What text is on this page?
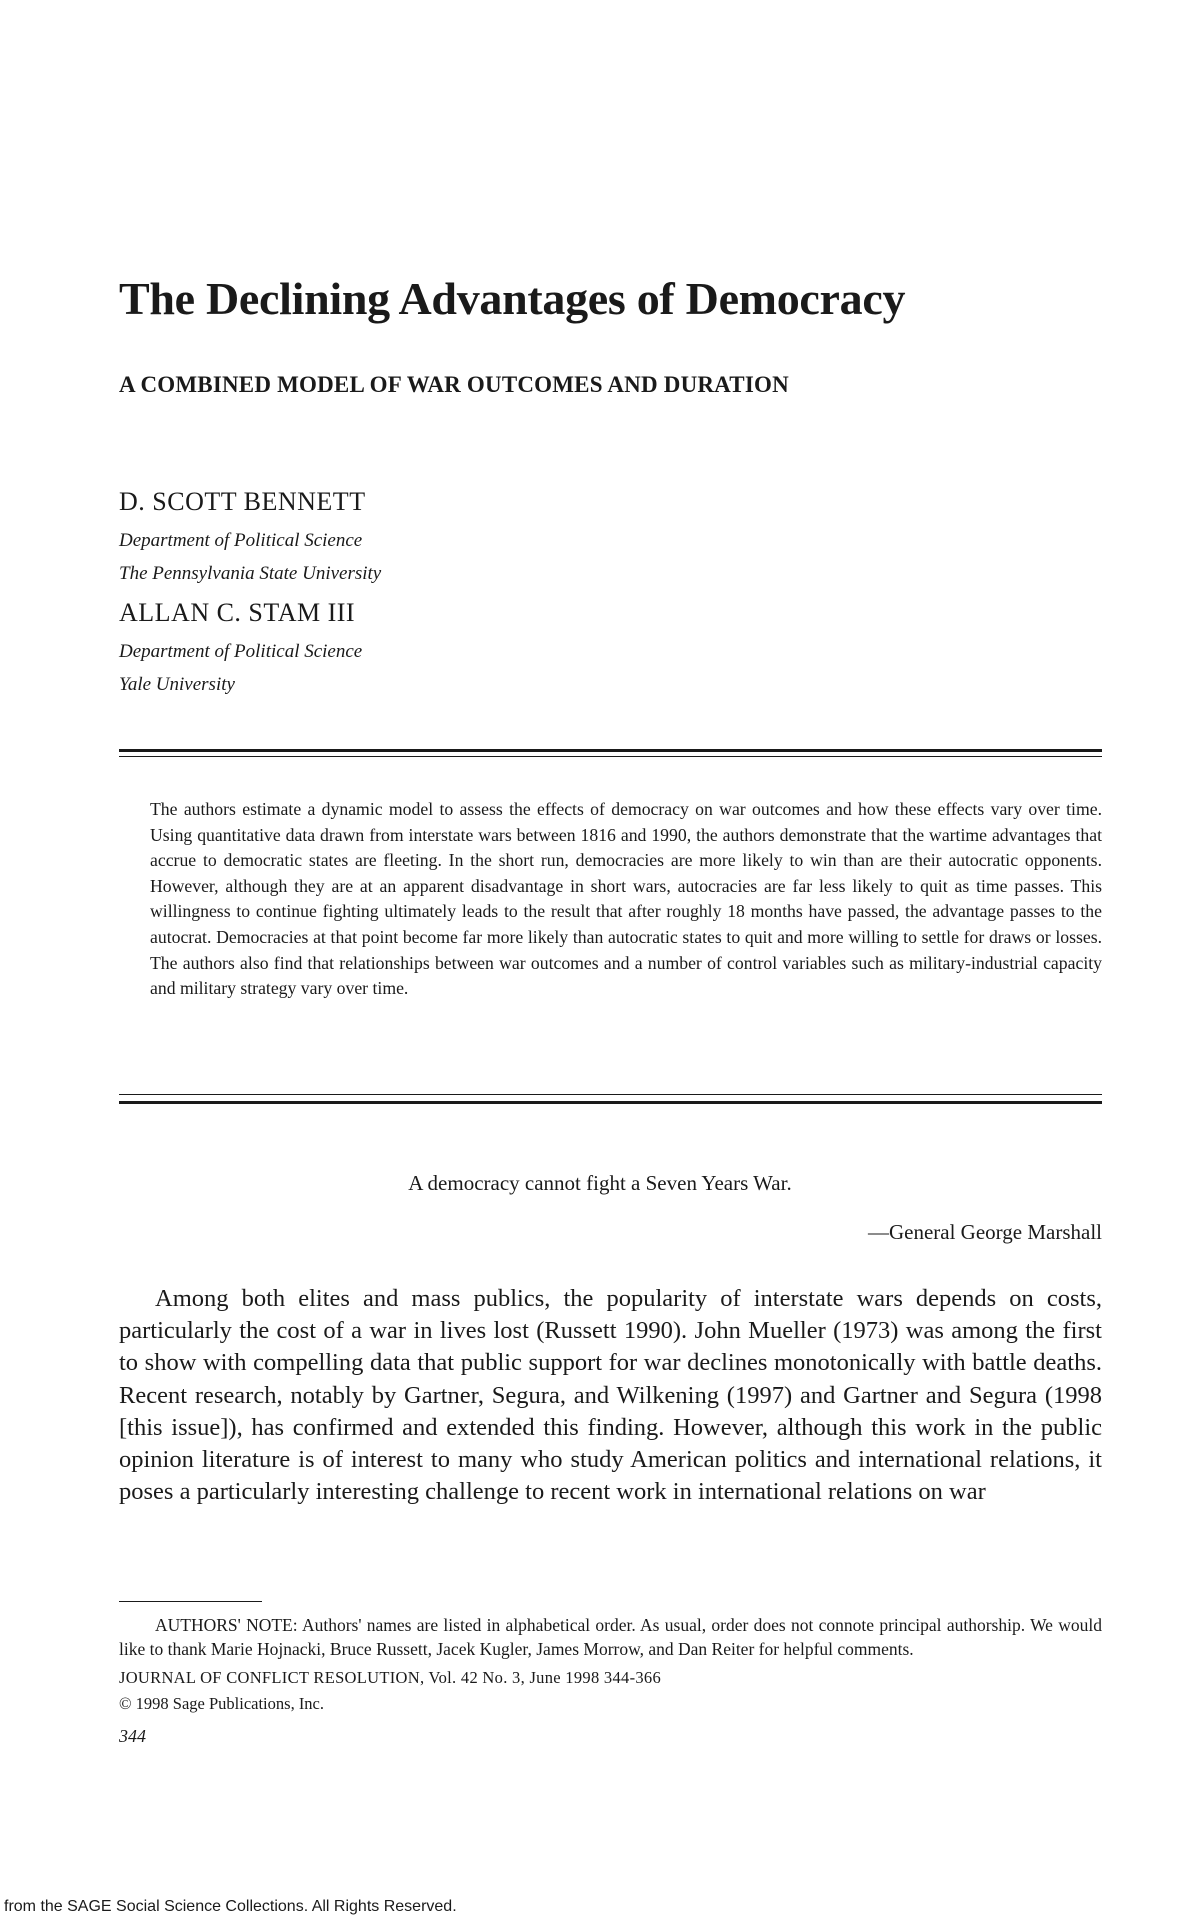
The Declining Advantages of Democracy
A COMBINED MODEL OF WAR OUTCOMES AND DURATION
D. SCOTT BENNETT
Department of Political Science
The Pennsylvania State University
ALLAN C. STAM III
Department of Political Science
Yale University

The authors estimate a dynamic model to assess the effects of democracy on war outcomes and how these effects vary over time. Using quantitative data drawn from interstate wars between 1816 and 1990, the authors demonstrate that the wartime advantages that accrue to democratic states are fleeting. In the short run, democracies are more likely to win than are their autocratic opponents. However, although they are at an apparent disadvantage in short wars, autocracies are far less likely to quit as time passes. This willingness to continue fighting ultimately leads to the result that after roughly 18 months have passed, the advantage passes to the autocrat. Democracies at that point become far more likely than autocratic states to quit and more willing to settle for draws or losses. The authors also find that relationships between war outcomes and a number of control variables such as military-industrial capacity and military strategy vary over time.

A democracy cannot fight a Seven Years War.
—General George Marshall

Among both elites and mass publics, the popularity of interstate wars depends on costs, particularly the cost of a war in lives lost (Russett 1990). John Mueller (1973) was among the first to show with compelling data that public support for war declines monotonically with battle deaths. Recent research, notably by Gartner, Segura, and Wilkening (1997) and Gartner and Segura (1998 [this issue]), has confirmed and extended this finding. However, although this work in the public opinion literature is of interest to many who study American politics and international relations, it poses a particularly interesting challenge to recent work in international relations on war

AUTHORS' NOTE: Authors' names are listed in alphabetical order. As usual, order does not connote principal authorship. We would like to thank Marie Hojnacki, Bruce Russett, Jacek Kugler, James Morrow, and Dan Reiter for helpful comments.

JOURNAL OF CONFLICT RESOLUTION, Vol. 42 No. 3, June 1998 344-366
© 1998 Sage Publications, Inc.
344
from the SAGE Social Science Collections. All Rights Reserved.
